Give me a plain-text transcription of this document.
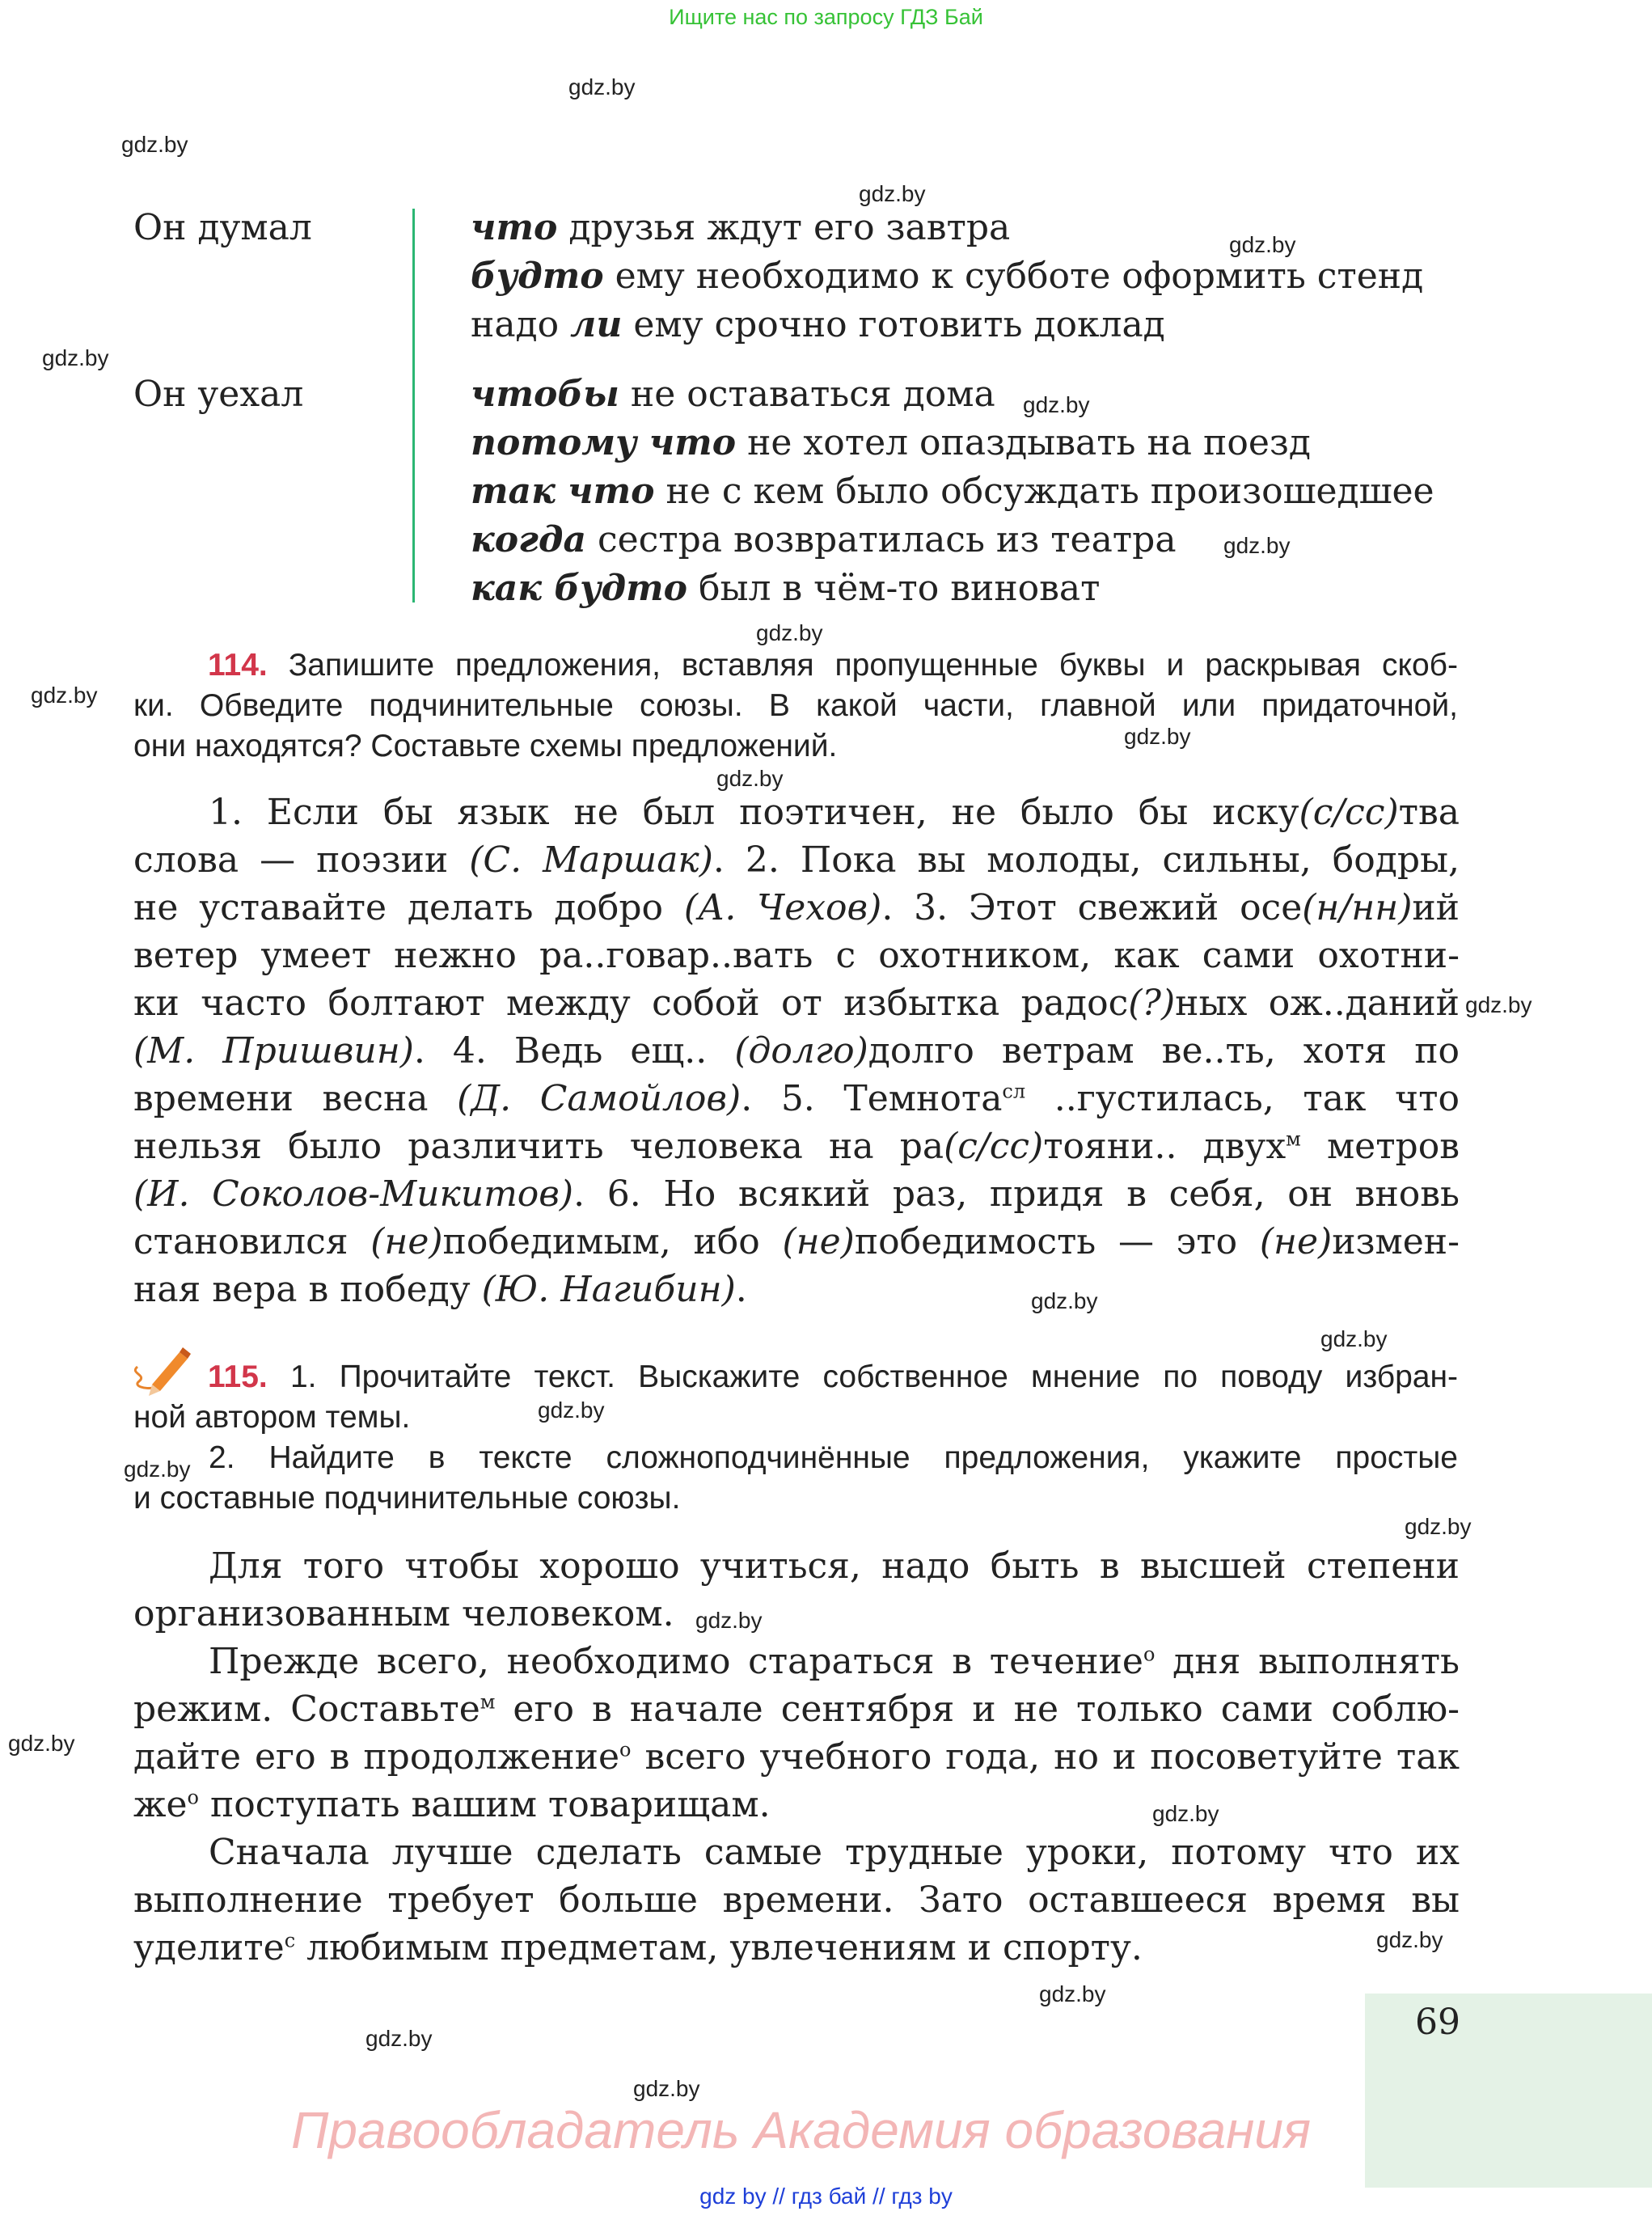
Ищите нас по запросу ГДЗ Бай
gdz.by
gdz.by
gdz.by
gdz.by
gdz.by
gdz.by
gdz.by
gdz.by
gdz.by
gdz.by
gdz.by
gdz.by
gdz.by
gdz.by
gdz.by
gdz.by
gdz.by
gdz.by
gdz.by
gdz.by
gdz.by
gdz.by
gdz.by
gdz.by
Он думал	что друзья ждут его завтра
будто ему необходимо к субботе оформить стенд
надо ли ему срочно готовить доклад
Он уехал	чтобы не оставаться дома
потому что не хотел опаздывать на поезд
так что не с кем было обсуждать произошедшее
когда сестра возвратилась из театра
как будто был в чём-то виноват
114. Запишите предложения, вставляя пропущенные буквы и раскрывая скоб-
ки. Обведите подчинительные союзы. В какой части, главной или придаточной,
они находятся? Составьте схемы предложений.
1. Если бы язык не был поэтичен, не было бы иску(с/сс)тва
слова — поэзии (С. Маршак). 2. Пока вы молоды, сильны, бодры,
не уставайте делать добро (А. Чехов). 3. Этот свежий осе(н/нн)ий
ветер умеет нежно ра..говар..вать с охотником, как сами охотни-
ки часто болтают между собой от избытка радос(?)ных ож..даний
(М. Пришвин). 4. Ведь ещ.. (долго)долго ветрам ве..ть, хотя по
времени весна (Д. Самойлов). 5. Темнота$^{сл}$ ..густилась, так что
нельзя было различить человека на ра(с/сс)тояни.. двух$^м$ метров
(И. Соколов-Микитов). 6. Но всякий раз, придя в себя, он вновь
становился (не)победимым, ибо (не)победимость — это (не)измен-
ная вера в победу (Ю. Нагибин).
115. 1. Прочитайте текст. Выскажите собственное мнение по поводу избран-
ной автором темы.
2. Найдите в тексте сложноподчинённые предложения, укажите простые
и составные подчинительные союзы.
Для того чтобы хорошо учиться, надо быть в высшей степени
организованным человеком.
Прежде всего, необходимо стараться в течение$^о$ дня выполнять
режим. Составьте$^м$ его в начале сентября и не только сами соблю-
дайте его в продолжение$^о$ всего учебного года, но и посоветуйте так
$же^о$ поступать вашим товарищам.
Сначала лучше сделать самые трудные уроки, потому что их
выполнение требует больше времени. Зато оставшееся время вы
уделите$^с$ любимым предметам, увлечениям и спорту.
69
Правообладатель Академия образования
gdz by // гдз бай // гдз by
